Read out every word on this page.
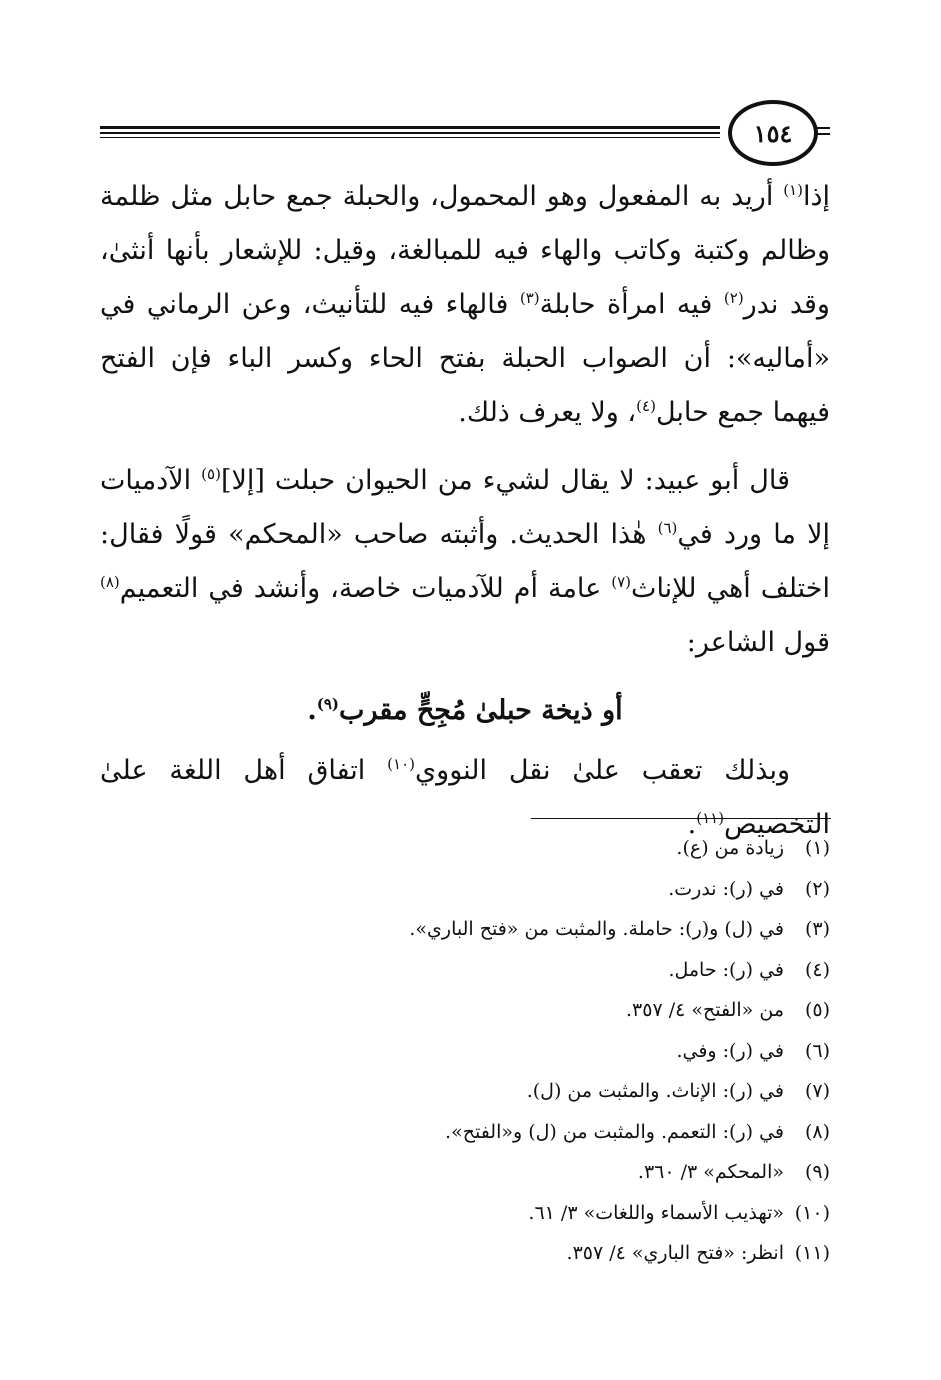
١٥٤

إذا$^{(١)}$ أريد به المفعول وهو المحمول، والحبلة جمع حابل مثل ظلمة وظالم وكتبة وكاتب والهاء فيه للمبالغة، وقيل: للإشعار بأنها أنثىٰ، وقد ندر$^{(٢)}$ فيه امرأة حابلة$^{(٣)}$ فالهاء فيه للتأنيث، وعن الرماني في «أماليه»: أن الصواب الحبلة بفتح الحاء وكسر الباء فإن الفتح فيهما جمع حابل$^{(٤)}$، ولا يعرف ذلك.

قال أبو عبيد: لا يقال لشيء من الحيوان حبلت [إلا]$^{(٥)}$ الآدميات إلا ما ورد في$^{(٦)}$ هٰذا الحديث. وأثبته صاحب «المحكم» قولًا فقال: اختلف أهي للإناث$^{(٧)}$ عامة أم للآدميات خاصة، وأنشد في التعميم$^{(٨)}$ قول الشاعر:

أو ذيخة حبلىٰ مُجِحٍّ مقرب$^{(٩)}$.

وبذلك تعقب علىٰ نقل النووي$^{(١٠)}$ اتفاق أهل اللغة علىٰ التخصيص$^{(١١)}$.

(١)
زيادة من (ع).
(٢)
في (ر): ندرت.
(٣)
في (ل) و(ر): حاملة. والمثبت من «فتح الباري».
(٤)
في (ر): حامل.
(٥)
من «الفتح» ٤/ ٣٥٧.
(٦)
في (ر): وفي.
(٧)
في (ر): الإناث. والمثبت من (ل).
(٨)
في (ر): التعمم. والمثبت من (ل) و«الفتح».
(٩)
«المحكم» ٣/ ٣٦٠.
(١٠)
«تهذيب الأسماء واللغات» ٣/ ٦١.
(١١)
انظر: «فتح الباري» ٤/ ٣٥٧.
